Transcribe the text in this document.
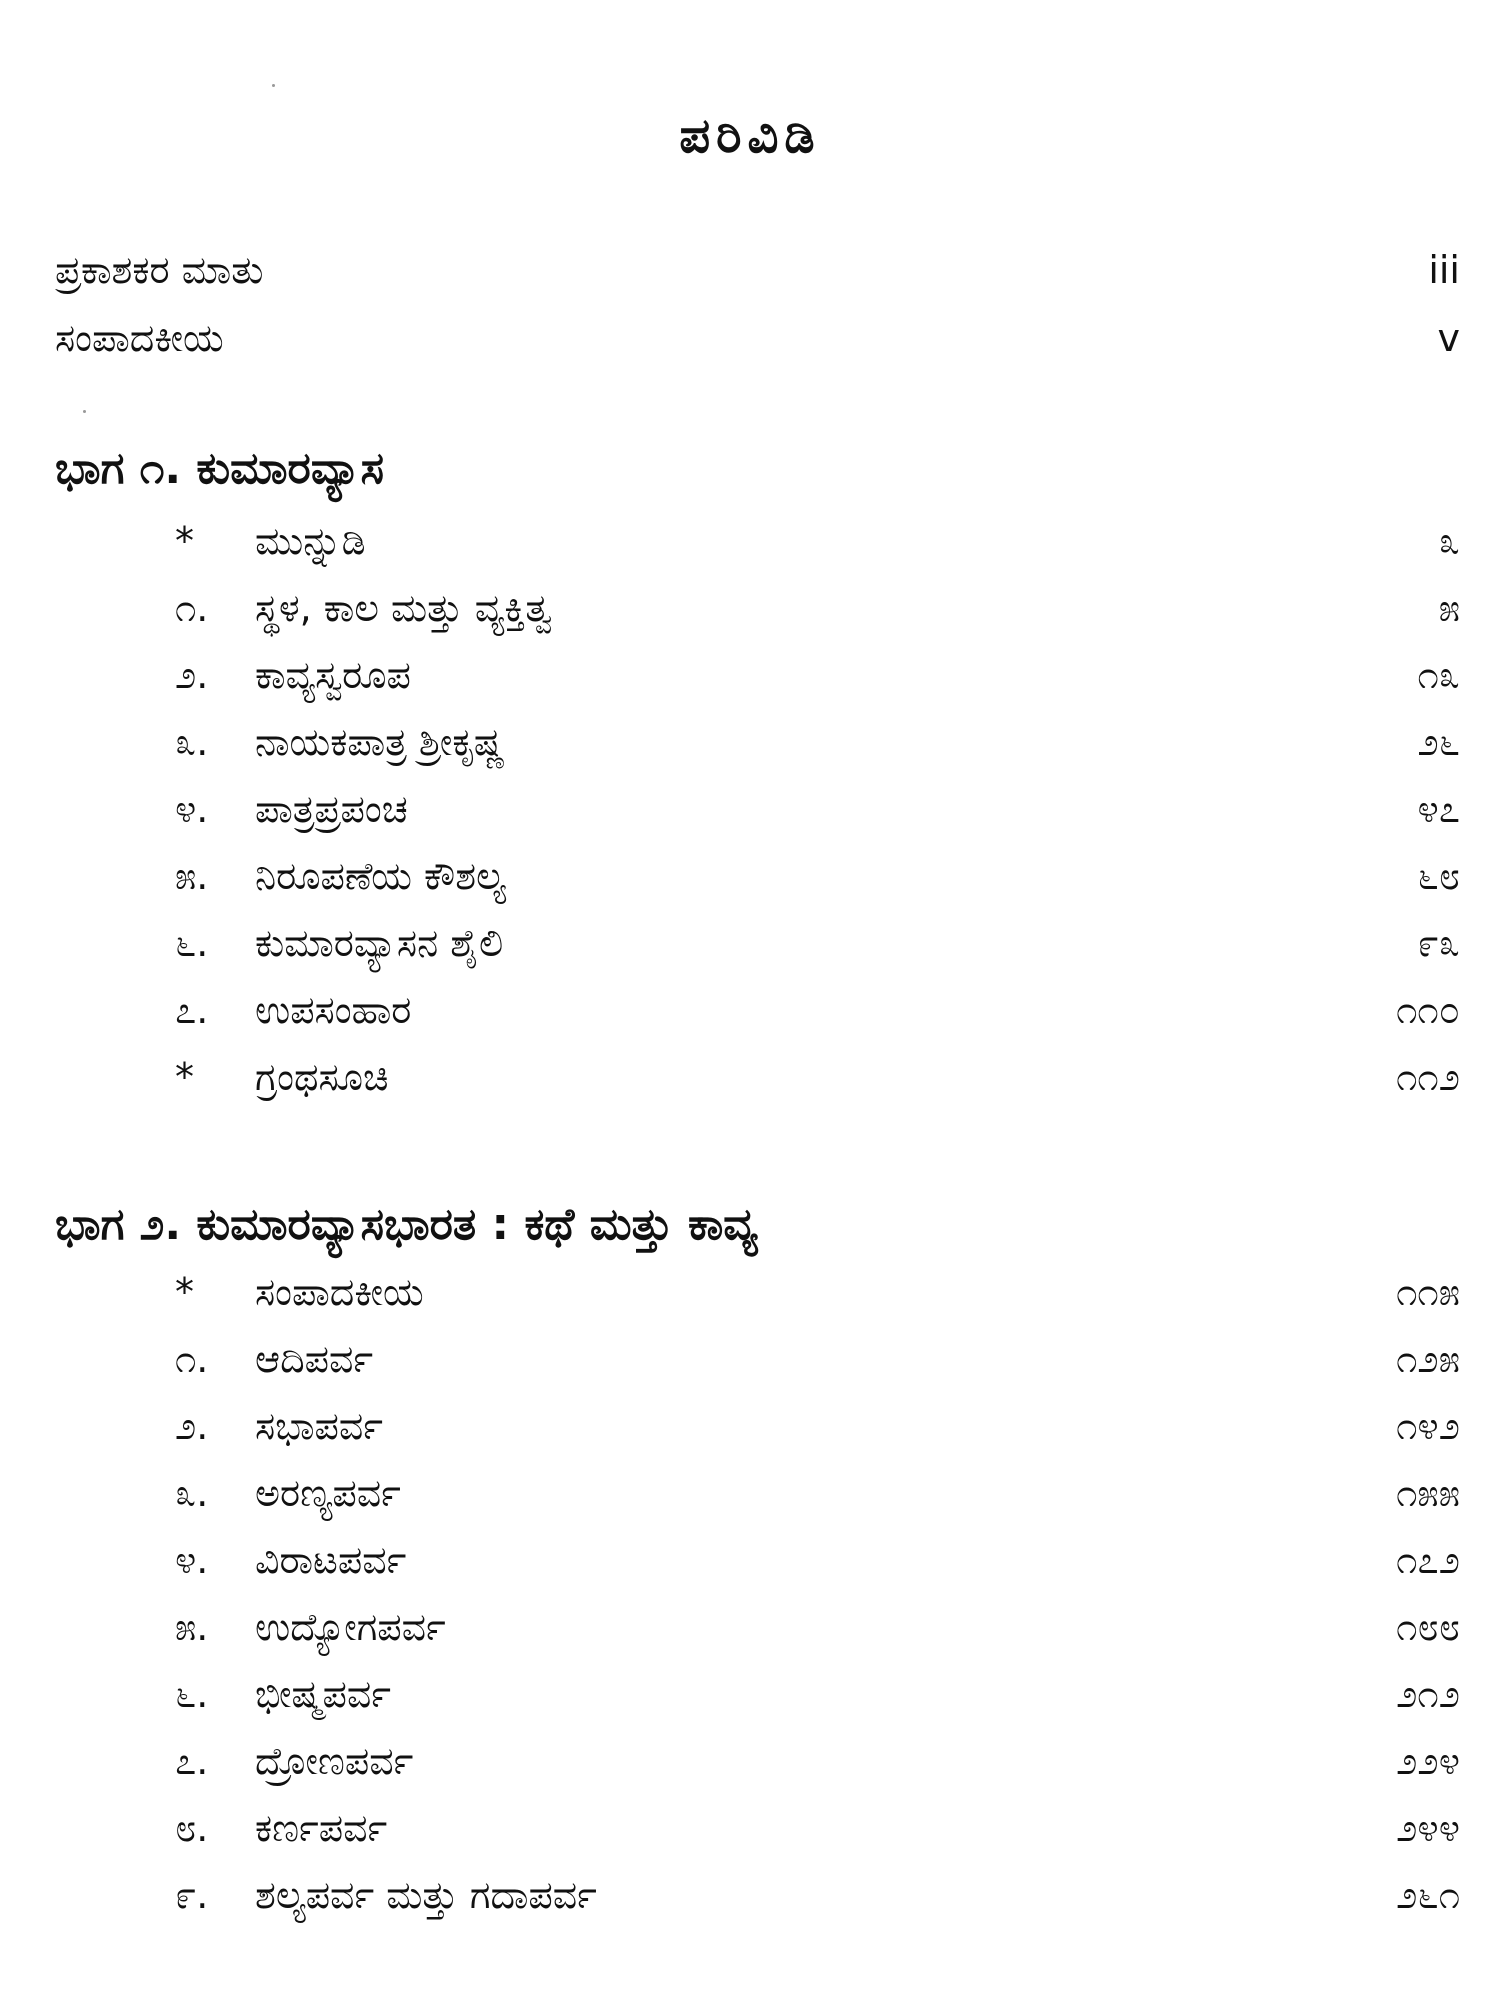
ಪರಿವಿಡಿ
ಪ್ರಕಾಶಕರ ಮಾತು	iii
ಸಂಪಾದಕೀಯ	v
ಭಾಗ ೧. ಕುಮಾರವ್ಯಾಸ
*	ಮುನ್ನುಡಿ	೩
೧.	ಸ್ಥಳ, ಕಾಲ ಮತ್ತು ವ್ಯಕ್ತಿತ್ವ	೫
೨.	ಕಾವ್ಯಸ್ವರೂಪ	೧೩
೩.	ನಾಯಕಪಾತ್ರ ಶ್ರೀಕೃಷ್ಣ	೨೬
೪.	ಪಾತ್ರಪ್ರಪಂಚ	೪೭
೫.	ನಿರೂಪಣೆಯ ಕೌಶಲ್ಯ	೬೮
೬.	ಕುಮಾರವ್ಯಾಸನ ಶೈಲಿ	೯೩
೭.	ಉಪಸಂಹಾರ	೧೧೦
*	ಗ್ರಂಥಸೂಚಿ	೧೧೨
ಭಾಗ ೨. ಕುಮಾರವ್ಯಾಸಭಾರತ : ಕಥೆ ಮತ್ತು ಕಾವ್ಯ
*	ಸಂಪಾದಕೀಯ	೧೧೫
೧.	ಆದಿಪರ್ವ	೧೨೫
೨.	ಸಭಾಪರ್ವ	೧೪೨
೩.	ಅರಣ್ಯಪರ್ವ	೧೫೫
೪.	ವಿರಾಟಪರ್ವ	೧೭೨
೫.	ಉದ್ಯೋಗಪರ್ವ	೧೮೮
೬.	ಭೀಷ್ಮಪರ್ವ	೨೧೨
೭.	ದ್ರೋಣಪರ್ವ	೨೨೪
೮.	ಕರ್ಣಪರ್ವ	೨೪೪
೯.	ಶಲ್ಯಪರ್ವ ಮತ್ತು ಗದಾಪರ್ವ	೨೬೧
